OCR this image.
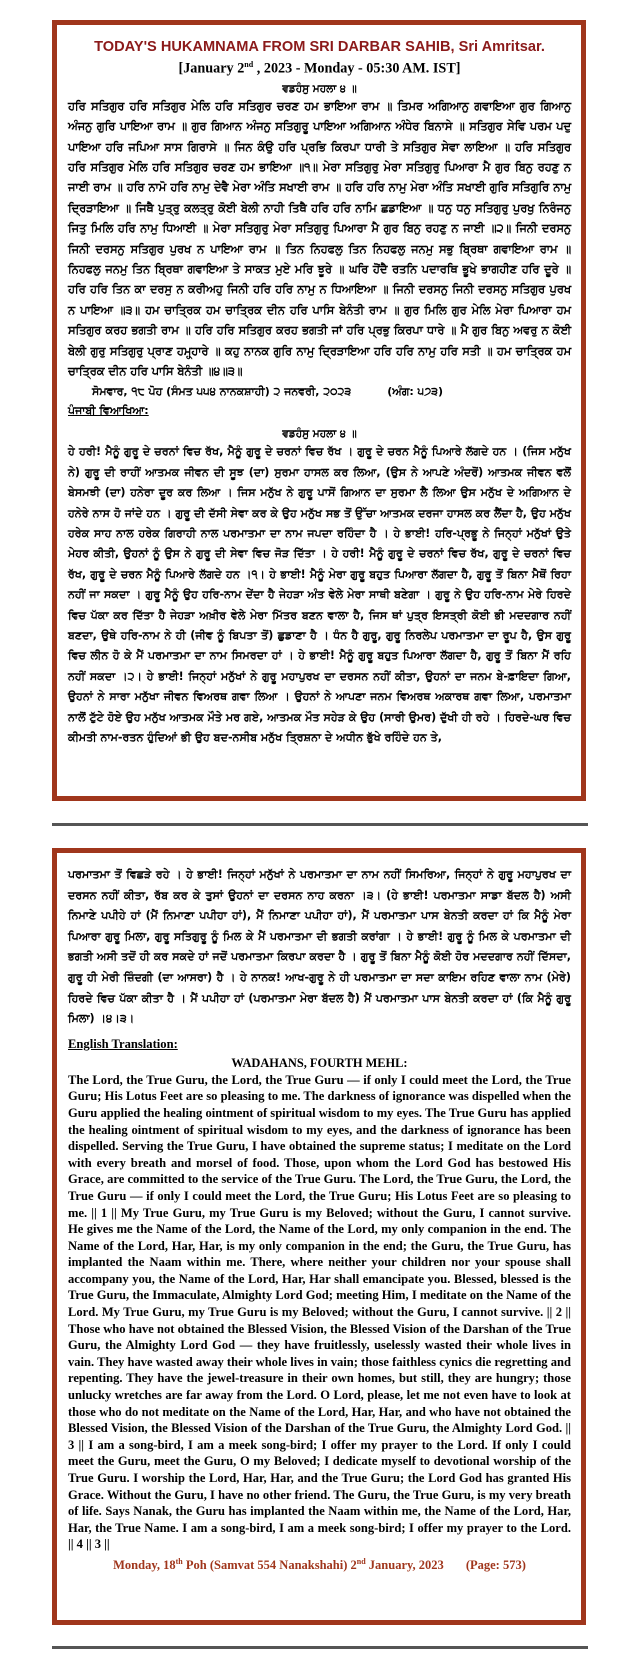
TODAY'S HUKAMNAMA FROM SRI DARBAR SAHIB, Sri Amritsar.

[January 2nd , 2023 - Monday - 05:30 AM. IST]

ਵਡਹੰਸੁ ਮਹਲਾ ੪ ॥

ਹਰਿ ਸਤਿਗੁਰ ਹਰਿ ਸਤਿਗੁਰ ਮੇਲਿ ਹਰਿ ਸਤਿਗੁਰ ਚਰਣ ਹਮ ਭਾਇਆ ਰਾਮ ॥ ਤਿਮਰ ਅਗਿਆਨੁ ਗਵਾਇਆ ਗੁਰ ਗਿਆਨੁ ਅੰਜਨੁ ਗੁਰਿ ਪਾਇਆ ਰਾਮ ॥ ਗੁਰ ਗਿਆਨ ਅੰਜਨੁ ਸਤਿਗੁਰੂ ਪਾਇਆ ਅਗਿਆਨ ਅੰਧੇਰ ਬਿਨਾਸੇ ॥ ਸਤਿਗੁਰ ਸੇਵਿ ਪਰਮ ਪਦੁ ਪਾਇਆ ਹਰਿ ਜਪਿਆ ਸਾਸ ਗਿਰਾਸੇ ॥ ਜਿਨ ਕੰਉ ਹਰਿ ਪ੍ਰਭਿ ਕਿਰਪਾ ਧਾਰੀ ਤੇ ਸਤਿਗੁਰ ਸੇਵਾ ਲਾਇਆ ॥ ਹਰਿ ਸਤਿਗੁਰ ਹਰਿ ਸਤਿਗੁਰ ਮੇਲਿ ਹਰਿ ਸਤਿਗੁਰ ਚਰਣ ਹਮ ਭਾਇਆ ॥੧॥ ਮੇਰਾ ਸਤਿਗੁਰੁ ਮੇਰਾ ਸਤਿਗੁਰੁ ਪਿਆਰਾ ਮੈ ਗੁਰ ਬਿਨੁ ਰਹਣੁ ਨ ਜਾਈ ਰਾਮ ॥ ਹਰਿ ਨਾਮੋ ਹਰਿ ਨਾਮੁ ਦੇਵੈ ਮੇਰਾ ਅੰਤਿ ਸਖਾਈ ਰਾਮ ॥ ਹਰਿ ਹਰਿ ਨਾਮੁ ਮੇਰਾ ਅੰਤਿ ਸਖਾਈ ਗੁਰਿ ਸਤਿਗੁਰਿ ਨਾਮੁ ਦ੍ਰਿੜਾਇਆ ॥ ਜਿਥੈ ਪੁਤ੍ਰੁ ਕਲਤ੍ਰੁ ਕੋਈ ਬੇਲੀ ਨਾਹੀ ਤਿਥੈ ਹਰਿ ਹਰਿ ਨਾਮਿ ਛਡਾਇਆ ॥ ਧਨੁ ਧਨੁ ਸਤਿਗੁਰੁ ਪੁਰਖੁ ਨਿਰੰਜਨੁ ਜਿਤੁ ਮਿਲਿ ਹਰਿ ਨਾਮੁ ਧਿਆਈ ॥ ਮੇਰਾ ਸਤਿਗੁਰੁ ਮੇਰਾ ਸਤਿਗੁਰੁ ਪਿਆਰਾ ਮੈ ਗੁਰ ਬਿਨੁ ਰਹਣੁ ਨ ਜਾਈ ॥੨॥ ਜਿਨੀ ਦਰਸਨੁ ਜਿਨੀ ਦਰਸਨੁ ਸਤਿਗੁਰ ਪੁਰਖ ਨ ਪਾਇਆ ਰਾਮ ॥ ਤਿਨ ਨਿਹਫਲੁ ਤਿਨ ਨਿਹਫਲੁ ਜਨਮੁ ਸਭੁ ਬ੍ਰਿਥਾ ਗਵਾਇਆ ਰਾਮ ॥ ਨਿਹਫਲੁ ਜਨਮੁ ਤਿਨ ਬ੍ਰਿਥਾ ਗਵਾਇਆ ਤੇ ਸਾਕਤ ਮੁਏ ਮਰਿ ਝੂਰੇ ॥ ਘਰਿ ਹੋਂਦੈ ਰਤਨਿ ਪਦਾਰਥਿ ਭੂਖੇ ਭਾਗਹੀਣ ਹਰਿ ਦੂਰੇ ॥ ਹਰਿ ਹਰਿ ਤਿਨ ਕਾ ਦਰਸੁ ਨ ਕਰੀਅਹੁ ਜਿਨੀ ਹਰਿ ਹਰਿ ਨਾਮੁ ਨ ਧਿਆਇਆ ॥ ਜਿਨੀ ਦਰਸਨੁ ਜਿਨੀ ਦਰਸਨੁ ਸਤਿਗੁਰ ਪੁਰਖ ਨ ਪਾਇਆ ॥੩॥ ਹਮ ਚਾਤ੍ਰਿਕ ਹਮ ਚਾਤ੍ਰਿਕ ਦੀਨ ਹਰਿ ਪਾਸਿ ਬੇਨੰਤੀ ਰਾਮ ॥ ਗੁਰ ਮਿਲਿ ਗੁਰ ਮੇਲਿ ਮੇਰਾ ਪਿਆਰਾ ਹਮ ਸਤਿਗੁਰ ਕਰਹ ਭਗਤੀ ਰਾਮ ॥ ਹਰਿ ਹਰਿ ਸਤਿਗੁਰ ਕਰਹ ਭਗਤੀ ਜਾਂ ਹਰਿ ਪ੍ਰਭੁ ਕਿਰਪਾ ਧਾਰੇ ॥ ਮੈ ਗੁਰ ਬਿਨੁ ਅਵਰੁ ਨ ਕੋਈ ਬੇਲੀ ਗੁਰੁ ਸਤਿਗੁਰੁ ਪ੍ਰਾਣ ਹਮ੍ਹ੍ਹਾਰੇ ॥ ਕਹੁ ਨਾਨਕ ਗੁਰਿ ਨਾਮੁ ਦ੍ਰਿੜਾਇਆ ਹਰਿ ਹਰਿ ਨਾਮੁ ਹਰਿ ਸਤੀ ॥ ਹਮ ਚਾਤ੍ਰਿਕ ਹਮ ਚਾਤ੍ਰਿਕ ਦੀਨ ਹਰਿ ਪਾਸਿ ਬੇਨੰਤੀ ॥੪॥੩॥

ਸੋਮਵਾਰ, ੧੮ ਪੋਹ (ਸੰਮਤ ੫੫੪ ਨਾਨਕਸ਼ਾਹੀ) ੨ ਜਨਵਰੀ, ੨੦੨੩	(ਅੰਗ: ੫੭੩)

ਪੰਜਾਬੀ ਵਿਆਖਿਆ:

ਵਡਹੰਸੁ ਮਹਲਾ ੪ ॥

ਹੇ ਹਰੀ! ਮੈਨੂੰ ਗੁਰੂ ਦੇ ਚਰਨਾਂ ਵਿਚ ਰੱਖ, ਮੈਨੂੰ ਗੁਰੂ ਦੇ ਚਰਨਾਂ ਵਿਚ ਰੱਖ । ਗੁਰੂ ਦੇ ਚਰਨ ਮੈਨੂੰ ਪਿਆਰੇ ਲੱਗਦੇ ਹਨ । (ਜਿਸ ਮਨੁੱਖ ਨੇ) ਗੁਰੂ ਦੀ ਰਾਹੀਂ ਆਤਮਕ ਜੀਵਨ ਦੀ ਸੂਝ (ਦਾ) ਸੁਰਮਾ ਹਾਸਲ ਕਰ ਲਿਆ, (ਉਸ ਨੇ ਆਪਣੇ ਅੰਦਰੋਂ) ਆਤਮਕ ਜੀਵਨ ਵਲੋਂ ਬੇਸਮਝੀ (ਦਾ) ਹਨੇਰਾ ਦੂਰ ਕਰ ਲਿਆ । ਜਿਸ ਮਨੁੱਖ ਨੇ ਗੁਰੂ ਪਾਸੋਂ ਗਿਆਨ ਦਾ ਸੁਰਮਾ ਲੈ ਲਿਆ ਉਸ ਮਨੁੱਖ ਦੇ ਅਗਿਆਨ ਦੇ ਹਨੇਰੇ ਨਾਸ ਹੋ ਜਾਂਦੇ ਹਨ । ਗੁਰੂ ਦੀ ਦੱਸੀ ਸੇਵਾ ਕਰ ਕੇ ਉਹ ਮਨੁੱਖ ਸਭ ਤੋਂ ਉੱਚਾ ਆਤਮਕ ਦਰਜਾ ਹਾਸਲ ਕਰ ਲੈਂਦਾ ਹੈ, ਉਹ ਮਨੁੱਖ ਹਰੇਕ ਸਾਹ ਨਾਲ ਹਰੇਕ ਗਿਰਾਹੀ ਨਾਲ ਪਰਮਾਤਮਾ ਦਾ ਨਾਮ ਜਪਦਾ ਰਹਿੰਦਾ ਹੈ । ਹੇ ਭਾਈ! ਹਰਿ-ਪ੍ਰਭੂ ਨੇ ਜਿਨ੍ਹਾਂ ਮਨੁੱਖਾਂ ਉਤੇ ਮੇਹਰ ਕੀਤੀ, ਉਹਨਾਂ ਨੂੰ ਉਸ ਨੇ ਗੁਰੂ ਦੀ ਸੇਵਾ ਵਿਚ ਜੋੜ ਦਿੱਤਾ । ਹੇ ਹਰੀ! ਮੈਨੂੰ ਗੁਰੂ ਦੇ ਚਰਨਾਂ ਵਿਚ ਰੱਖ, ਗੁਰੂ ਦੇ ਚਰਨਾਂ ਵਿਚ ਰੱਖ, ਗੁਰੂ ਦੇ ਚਰਨ ਮੈਨੂੰ ਪਿਆਰੇ ਲੱਗਦੇ ਹਨ ।੧। ਹੇ ਭਾਈ! ਮੈਨੂੰ ਮੇਰਾ ਗੁਰੂ ਬਹੁਤ ਪਿਆਰਾ ਲੱਗਦਾ ਹੈ, ਗੁਰੂ ਤੋਂ ਬਿਨਾ ਮੈਥੋਂ ਰਿਹਾ ਨਹੀਂ ਜਾ ਸਕਦਾ । ਗੁਰੂ ਮੈਨੂੰ ਉਹ ਹਰਿ-ਨਾਮ ਦੇਂਦਾ ਹੈ ਜੇਹੜਾ ਅੰਤ ਵੇਲੇ ਮੇਰਾ ਸਾਥੀ ਬਣੇਗਾ । ਗੁਰੂ ਨੇ ਉਹ ਹਰਿ-ਨਾਮ ਮੇਰੇ ਹਿਰਦੇ ਵਿਚ ਪੱਕਾ ਕਰ ਦਿੱਤਾ ਹੈ ਜੇਹੜਾ ਅਖ਼ੀਰ ਵੇਲੇ ਮੇਰਾ ਮਿੱਤਰ ਬਣਨ ਵਾਲਾ ਹੈ, ਜਿਸ ਥਾਂ ਪੁਤ੍ਰ ਇਸਤ੍ਰੀ ਕੋਈ ਭੀ ਮਦਦਗਾਰ ਨਹੀਂ ਬਣਦਾ, ਉਥੇ ਹਰਿ-ਨਾਮ ਨੇ ਹੀ (ਜੀਵ ਨੂੰ ਬਿਪਤਾ ਤੋਂ) ਛੁਡਾਣਾ ਹੈ । ਧੰਨ ਹੈ ਗੁਰੂ, ਗੁਰੂ ਨਿਰਲੇਪ ਪਰਮਾਤਮਾ ਦਾ ਰੂਪ ਹੈ, ਉਸ ਗੁਰੂ ਵਿਚ ਲੀਨ ਹੋ ਕੇ ਮੈਂ ਪਰਮਾਤਮਾ ਦਾ ਨਾਮ ਸਿਮਰਦਾ ਹਾਂ । ਹੇ ਭਾਈ! ਮੈਨੂੰ ਗੁਰੂ ਬਹੁਤ ਪਿਆਰਾ ਲੱਗਦਾ ਹੈ, ਗੁਰੂ ਤੋਂ ਬਿਨਾ ਮੈਂ ਰਹਿ ਨਹੀਂ ਸਕਦਾ ।੨। ਹੇ ਭਾਈ! ਜਿਨ੍ਹਾਂ ਮਨੁੱਖਾਂ ਨੇ ਗੁਰੂ ਮਹਾਪੁਰਖ ਦਾ ਦਰਸਨ ਨਹੀਂ ਕੀਤਾ, ਉਹਨਾਂ ਦਾ ਜਨਮ ਬੇ-ਫ਼ਾਇਦਾ ਗਿਆ, ਉਹਨਾਂ ਨੇ ਸਾਰਾ ਮਨੁੱਖਾ ਜੀਵਨ ਵਿਅਰਥ ਗਵਾ ਲਿਆ । ਉਹਨਾਂ ਨੇ ਆਪਣਾ ਜਨਮ ਵਿਅਰਥ ਅਕਾਰਥ ਗਵਾ ਲਿਆ, ਪਰਮਾਤਮਾ ਨਾਲੋਂ ਟੁੱਟੇ ਹੋਏ ਉਹ ਮਨੁੱਖ ਆਤਮਕ ਮੌਤੇ ਮਰ ਗਏ, ਆਤਮਕ ਮੌਤ ਸਹੇੜ ਕੇ ਉਹ (ਸਾਰੀ ਉਮਰ) ਦੁੱਖੀ ਹੀ ਰਹੇ । ਹਿਰਦੇ-ਘਰ ਵਿਚ ਕੀਮਤੀ ਨਾਮ-ਰਤਨ ਹੁੰਦਿਆਂ ਭੀ ਉਹ ਬਦ-ਨਸੀਬ ਮਨੁੱਖ ਤ੍ਰਿਸ਼ਨਾ ਦੇ ਅਧੀਨ ਭੁੱਖੇ ਰਹਿੰਦੇ ਹਨ ਤੇ,

ਪਰਮਾਤਮਾ ਤੋਂ ਵਿਛੜੇ ਰਹੇ । ਹੇ ਭਾਈ! ਜਿਨ੍ਹਾਂ ਮਨੁੱਖਾਂ ਨੇ ਪਰਮਾਤਮਾ ਦਾ ਨਾਮ ਨਹੀਂ ਸਿਮਰਿਆ, ਜਿਨ੍ਹਾਂ ਨੇ ਗੁਰੂ ਮਹਾਪੁਰਖ ਦਾ ਦਰਸਨ ਨਹੀਂ ਕੀਤਾ, ਰੱਬ ਕਰ ਕੇ ਤੁਸਾਂ ਉਹਨਾਂ ਦਾ ਦਰਸਨ ਨਾਹ ਕਰਨਾ ।੩। (ਹੇ ਭਾਈ! ਪਰਮਾਤਮਾ ਸਾਡਾ ਬੱਦਲ ਹੈ) ਅਸੀ ਨਿਮਾਣੇ ਪਪੀਹੇ ਹਾਂ (ਮੈਂ ਨਿਮਾਣਾ ਪਪੀਹਾ ਹਾਂ), ਮੈਂ ਨਿਮਾਣਾ ਪਪੀਹਾ ਹਾਂ), ਮੈਂ ਪਰਮਾਤਮਾ ਪਾਸ ਬੇਨਤੀ ਕਰਦਾ ਹਾਂ ਕਿ ਮੈਨੂੰ ਮੇਰਾ ਪਿਆਰਾ ਗੁਰੂ ਮਿਲਾ, ਗੁਰੂ ਸਤਿਗੁਰੂ ਨੂੰ ਮਿਲ ਕੇ ਮੈਂ ਪਰਮਾਤਮਾ ਦੀ ਭਗਤੀ ਕਰਾਂਗਾ । ਹੇ ਭਾਈ! ਗੁਰੂ ਨੂੰ ਮਿਲ ਕੇ ਪਰਮਾਤਮਾ ਦੀ ਭਗਤੀ ਅਸੀ ਤਦੋਂ ਹੀ ਕਰ ਸਕਦੇ ਹਾਂ ਜਦੋਂ ਪਰਮਾਤਮਾ ਕਿਰਪਾ ਕਰਦਾ ਹੈ । ਗੁਰੂ ਤੋਂ ਬਿਨਾ ਮੈਨੂੰ ਕੋਈ ਹੋਰ ਮਦਦਗਾਰ ਨਹੀਂ ਦਿੱਸਦਾ, ਗੁਰੂ ਹੀ ਮੇਰੀ ਜ਼ਿੰਦਗੀ (ਦਾ ਆਸਰਾ) ਹੈ । ਹੇ ਨਾਨਕ! ਆਖ-ਗੁਰੂ ਨੇ ਹੀ ਪਰਮਾਤਮਾ ਦਾ ਸਦਾ ਕਾਇਮ ਰਹਿਣ ਵਾਲਾ ਨਾਮ (ਮੇਰੇ) ਹਿਰਦੇ ਵਿਚ ਪੱਕਾ ਕੀਤਾ ਹੈ । ਮੈਂ ਪਪੀਹਾ ਹਾਂ (ਪਰਮਾਤਮਾ ਮੇਰਾ ਬੱਦਲ ਹੈ) ਮੈਂ ਪਰਮਾਤਮਾ ਪਾਸ ਬੇਨਤੀ ਕਰਦਾ ਹਾਂ (ਕਿ ਮੈਨੂੰ ਗੁਰੂ ਮਿਲਾ) ।੪।੩।

English Translation:

WADAHANS, FOURTH MEHL:

The Lord, the True Guru, the Lord, the True Guru — if only I could meet the Lord, the True Guru; His Lotus Feet are so pleasing to me. The darkness of ignorance was dispelled when the Guru applied the healing ointment of spiritual wisdom to my eyes. The True Guru has applied the healing ointment of spiritual wisdom to my eyes, and the darkness of ignorance has been dispelled. Serving the True Guru, I have obtained the supreme status; I meditate on the Lord with every breath and morsel of food. Those, upon whom the Lord God has bestowed His Grace, are committed to the service of the True Guru. The Lord, the True Guru, the Lord, the True Guru — if only I could meet the Lord, the True Guru; His Lotus Feet are so pleasing to me. || 1 || My True Guru, my True Guru is my Beloved; without the Guru, I cannot survive. He gives me the Name of the Lord, the Name of the Lord, my only companion in the end. The Name of the Lord, Har, Har, is my only companion in the end; the Guru, the True Guru, has implanted the Naam within me. There, where neither your children nor your spouse shall accompany you, the Name of the Lord, Har, Har shall emancipate you. Blessed, blessed is the True Guru, the Immaculate, Almighty Lord God; meeting Him, I meditate on the Name of the Lord. My True Guru, my True Guru is my Beloved; without the Guru, I cannot survive. || 2 || Those who have not obtained the Blessed Vision, the Blessed Vision of the Darshan of the True Guru, the Almighty Lord God — they have fruitlessly, uselessly wasted their whole lives in vain. They have wasted away their whole lives in vain; those faithless cynics die regretting and repenting. They have the jewel-treasure in their own homes, but still, they are hungry; those unlucky wretches are far away from the Lord. O Lord, please, let me not even have to look at those who do not meditate on the Name of the Lord, Har, Har, and who have not obtained the Blessed Vision, the Blessed Vision of the Darshan of the True Guru, the Almighty Lord God. || 3 || I am a song-bird, I am a meek song-bird; I offer my prayer to the Lord. If only I could meet the Guru, meet the Guru, O my Beloved; I dedicate myself to devotional worship of the True Guru. I worship the Lord, Har, Har, and the True Guru; the Lord God has granted His Grace. Without the Guru, I have no other friend. The Guru, the True Guru, is my very breath of life. Says Nanak, the Guru has implanted the Naam within me, the Name of the Lord, Har, Har, the True Name. I am a song-bird, I am a meek song-bird; I offer my prayer to the Lord. || 4 || 3 ||

Monday, 18th Poh (Samvat 554 Nanakshahi) 2nd January, 2023 (Page: 573)
